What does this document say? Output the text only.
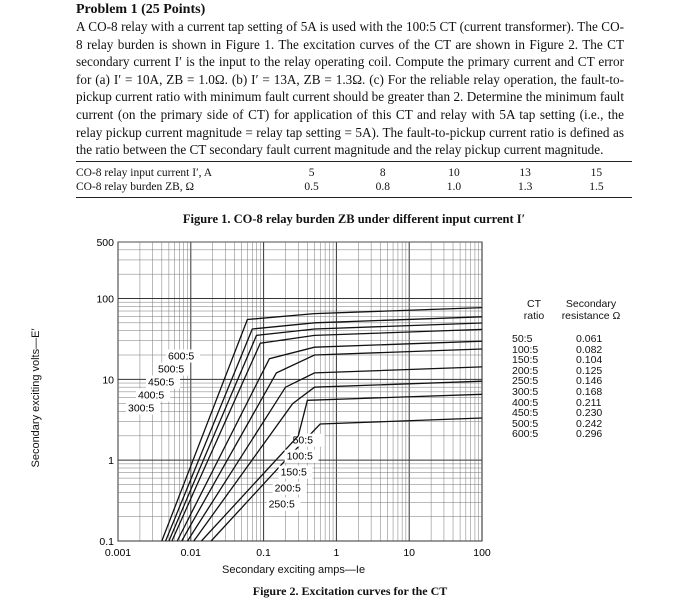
Problem 1 (25 Points)
A CO-8 relay with a current tap setting of 5A is used with the 100:5 CT (current transformer). The CO-8 relay burden is shown in Figure 1. The excitation curves of the CT are shown in Figure 2. The CT secondary current I′ is the input to the relay operating coil. Compute the primary current and CT error for (a) I′ = 10A, ZB = 1.0Ω. (b) I′ = 13A, ZB = 1.3Ω. (c) For the reliable relay operation, the fault-to-pickup current ratio with minimum fault current should be greater than 2. Determine the minimum fault current (on the primary side of CT) for application of this CT and relay with 5A tap setting (i.e., the relay pickup current magnitude = relay tap setting = 5A). The fault-to-pickup current ratio is defined as the ratio between the CT secondary fault current magnitude and the relay pickup current magnitude.
CO-8 relay input current I′, A	5	8	10	13	15
CO-8 relay burden ZB, Ω	0.5	0.8	1.0	1.3	1.5
Figure 1. CO-8 relay burden ZB under different input current I′
0.001	0.01	0.1	1	10	100
500
100
10
1
0.1
50:5
100:5
150:5
200:5
250:5
300:5
400:5
450:5
500:5
600:5
Secondary exciting volts—E′
Secondary exciting amps—Ie
CT
ratio
Secondary
resistance Ω
50:5	0.061
100:5	0.082
150:5	0.104
200:5	0.125
250:5	0.146
300:5	0.168
400:5	0.211
450:5	0.230
500:5	0.242
600:5	0.296
Figure 2. Excitation curves for the CT
